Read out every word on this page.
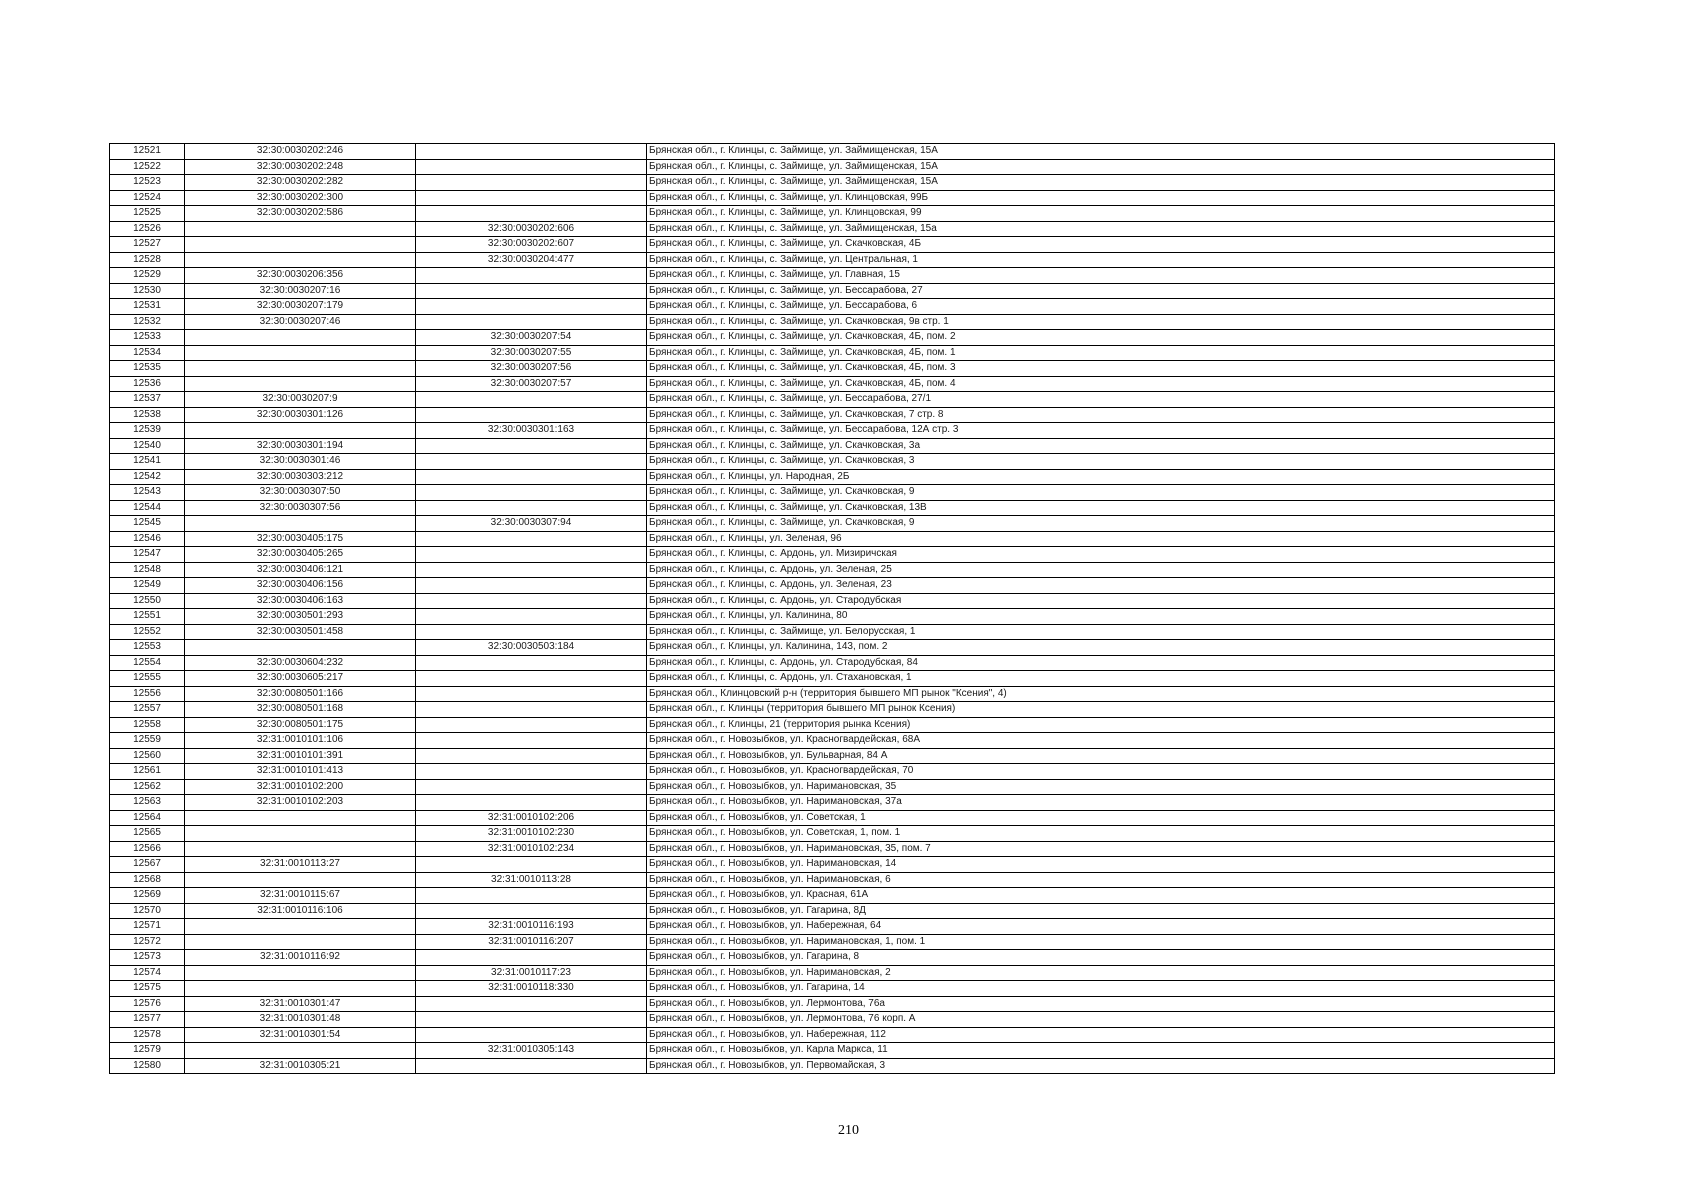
12521	32:30:0030202:246		Брянская обл., г. Клинцы, с. Займище, ул. Займищенская, 15А
12522	32:30:0030202:248		Брянская обл., г. Клинцы, с. Займище, ул. Займищенская, 15А
12523	32:30:0030202:282		Брянская обл., г. Клинцы, с. Займище, ул. Займищенская, 15А
12524	32:30:0030202:300		Брянская обл., г. Клинцы, с. Займище, ул. Клинцовская, 99Б
12525	32:30:0030202:586		Брянская обл., г. Клинцы, с. Займище, ул. Клинцовская, 99
12526		32:30:0030202:606	Брянская обл., г. Клинцы, с. Займище, ул. Займищенская, 15а
12527		32:30:0030202:607	Брянская обл., г. Клинцы, с. Займище, ул. Скачковская, 4Б
12528		32:30:0030204:477	Брянская обл., г. Клинцы, с. Займище, ул. Центральная, 1
12529	32:30:0030206:356		Брянская обл., г. Клинцы, с. Займище, ул. Главная, 15
12530	32:30:0030207:16		Брянская обл., г. Клинцы, с. Займище, ул. Бессарабова, 27
12531	32:30:0030207:179		Брянская обл., г. Клинцы, с. Займище, ул. Бессарабова, 6
12532	32:30:0030207:46		Брянская обл., г. Клинцы, с. Займище, ул. Скачковская, 9в стр. 1
12533		32:30:0030207:54	Брянская обл., г. Клинцы, с. Займище, ул. Скачковская, 4Б, пом. 2
12534		32:30:0030207:55	Брянская обл., г. Клинцы, с. Займище, ул. Скачковская, 4Б, пом. 1
12535		32:30:0030207:56	Брянская обл., г. Клинцы, с. Займище, ул. Скачковская, 4Б, пом. 3
12536		32:30:0030207:57	Брянская обл., г. Клинцы, с. Займище, ул. Скачковская, 4Б, пом. 4
12537	32:30:0030207:9		Брянская обл., г. Клинцы, с. Займище, ул. Бессарабова, 27/1
12538	32:30:0030301:126		Брянская обл., г. Клинцы, с. Займище, ул. Скачковская, 7 стр. 8
12539		32:30:0030301:163	Брянская обл., г. Клинцы, с. Займище, ул. Бессарабова, 12А стр. 3
12540	32:30:0030301:194		Брянская обл., г. Клинцы, с. Займище, ул. Скачковская, 3а
12541	32:30:0030301:46		Брянская обл., г. Клинцы, с. Займище, ул. Скачковская, 3
12542	32:30:0030303:212		Брянская обл., г. Клинцы, ул. Народная, 2Б
12543	32:30:0030307:50		Брянская обл., г. Клинцы, с. Займище, ул. Скачковская, 9
12544	32:30:0030307:56		Брянская обл., г. Клинцы, с. Займище, ул. Скачковская, 13В
12545		32:30:0030307:94	Брянская обл., г. Клинцы, с. Займище, ул. Скачковская, 9
12546	32:30:0030405:175		Брянская обл., г. Клинцы, ул. Зеленая, 96
12547	32:30:0030405:265		Брянская обл., г. Клинцы, с. Ардонь, ул. Мизиричская
12548	32:30:0030406:121		Брянская обл., г. Клинцы, с. Ардонь, ул. Зеленая, 25
12549	32:30:0030406:156		Брянская обл., г. Клинцы, с. Ардонь, ул. Зеленая, 23
12550	32:30:0030406:163		Брянская обл., г. Клинцы, с. Ардонь, ул. Стародубская
12551	32:30:0030501:293		Брянская обл., г. Клинцы, ул. Калинина, 80
12552	32:30:0030501:458		Брянская обл., г. Клинцы, с. Займище, ул. Белорусская, 1
12553		32:30:0030503:184	Брянская обл., г. Клинцы, ул. Калинина, 143, пом. 2
12554	32:30:0030604:232		Брянская обл., г. Клинцы, с. Ардонь, ул. Стародубская, 84
12555	32:30:0030605:217		Брянская обл., г. Клинцы, с. Ардонь, ул. Стахановская, 1
12556	32:30:0080501:166		Брянская обл., Клинцовский р-н (территория бывшего МП рынок "Ксения", 4)
12557	32:30:0080501:168		Брянская обл., г. Клинцы (территория бывшего МП рынок Ксения)
12558	32:30:0080501:175		Брянская обл., г. Клинцы, 21 (территория рынка Ксения)
12559	32:31:0010101:106		Брянская обл., г. Новозыбков, ул. Красногвардейская, 68А
12560	32:31:0010101:391		Брянская обл., г. Новозыбков, ул. Бульварная, 84 А
12561	32:31:0010101:413		Брянская обл., г. Новозыбков, ул. Красногвардейская, 70
12562	32:31:0010102:200		Брянская обл., г. Новозыбков, ул. Наримановская, 35
12563	32:31:0010102:203		Брянская обл., г. Новозыбков, ул. Наримановская, 37а
12564		32:31:0010102:206	Брянская обл., г. Новозыбков, ул. Советская, 1
12565		32:31:0010102:230	Брянская обл., г. Новозыбков, ул. Советская, 1, пом. 1
12566		32:31:0010102:234	Брянская обл., г. Новозыбков, ул. Наримановская, 35, пом. 7
12567	32:31:0010113:27		Брянская обл., г. Новозыбков, ул. Наримановская, 14
12568		32:31:0010113:28	Брянская обл., г. Новозыбков, ул. Наримановская, 6
12569	32:31:0010115:67		Брянская обл., г. Новозыбков, ул. Красная, 61А
12570	32:31:0010116:106		Брянская обл., г. Новозыбков, ул. Гагарина, 8Д
12571		32:31:0010116:193	Брянская обл., г. Новозыбков, ул. Набережная, 64
12572		32:31:0010116:207	Брянская обл., г. Новозыбков, ул. Наримановская, 1, пом. 1
12573	32:31:0010116:92		Брянская обл., г. Новозыбков, ул. Гагарина, 8
12574		32:31:0010117:23	Брянская обл., г. Новозыбков, ул. Наримановская, 2
12575		32:31:0010118:330	Брянская обл., г. Новозыбков, ул. Гагарина, 14
12576	32:31:0010301:47		Брянская обл., г. Новозыбков, ул. Лермонтова, 76а
12577	32:31:0010301:48		Брянская обл., г. Новозыбков, ул. Лермонтова, 76 корп. А
12578	32:31:0010301:54		Брянская обл., г. Новозыбков, ул. Набережная, 112
12579		32:31:0010305:143	Брянская обл., г. Новозыбков, ул. Карла Маркса, 11
12580	32:31:0010305:21		Брянская обл., г. Новозыбков, ул. Первомайская, 3
210
